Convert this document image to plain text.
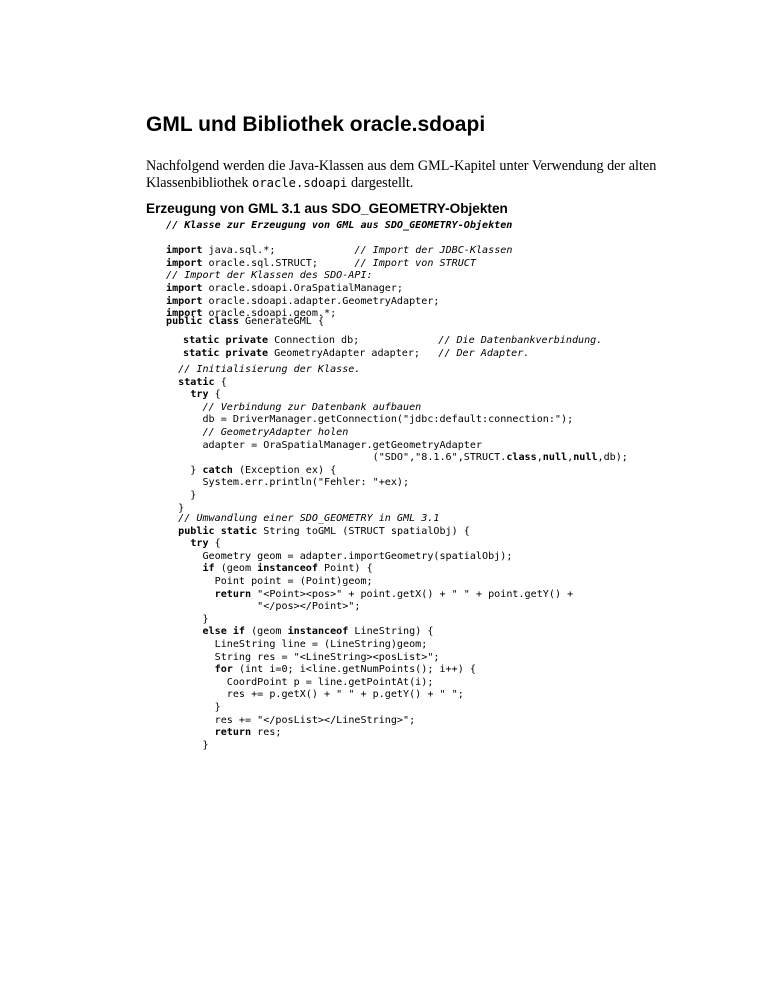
GML und Bibliothek oracle.sdoapi

Nachfolgend werden die Java-Klassen aus dem GML-Kapitel unter Verwendung der alten
Klassenbibliothek oracle.sdoapi dargestellt.

Erzeugung von GML 3.1 aus SDO_GEOMETRY-Objekten
// Klasse zur Erzeugung von GML aus SDO_GEOMETRY-Objekten
import java.sql.*;	// Import der JDBC-Klassen
import oracle.sql.STRUCT;	// Import von STRUCT
// Import der Klassen des SDO-API:
import oracle.sdoapi.OraSpatialManager;
import oracle.sdoapi.adapter.GeometryAdapter;
import oracle.sdoapi.geom.*;
public class GenerateGML {
static private Connection db;	// Die Datenbankverbindung.
static private GeometryAdapter adapter; // Der Adapter.
// Initialisierung der Klasse.
static {
try {
// Verbindung zur Datenbank aufbauen
db = DriverManager.getConnection("jdbc:default:connection:");
// GeometryAdapter holen
adapter = OraSpatialManager.getGeometryAdapter
("SDO","8.1.6",STRUCT.class,null,null,db);
} catch (Exception ex) {
System.err.println("Fehler: "+ex);
}
}
// Umwandlung einer SDO_GEOMETRY in GML 3.1
public static String toGML (STRUCT spatialObj) {
try {
Geometry geom = adapter.importGeometry(spatialObj);
if (geom instanceof Point) {
Point point = (Point)geom;
return "<Point><pos>" + point.getX() + " " + point.getY() +
"</pos></Point>";
}
else if (geom instanceof LineString) {
LineString line = (LineString)geom;
String res = "<LineString><posList>";
for (int i=0; i<line.getNumPoints(); i++) {
CoordPoint p = line.getPointAt(i);
res += p.getX() + " " + p.getY() + " ";
}
res += "</posList></LineString>";
return res;
}
